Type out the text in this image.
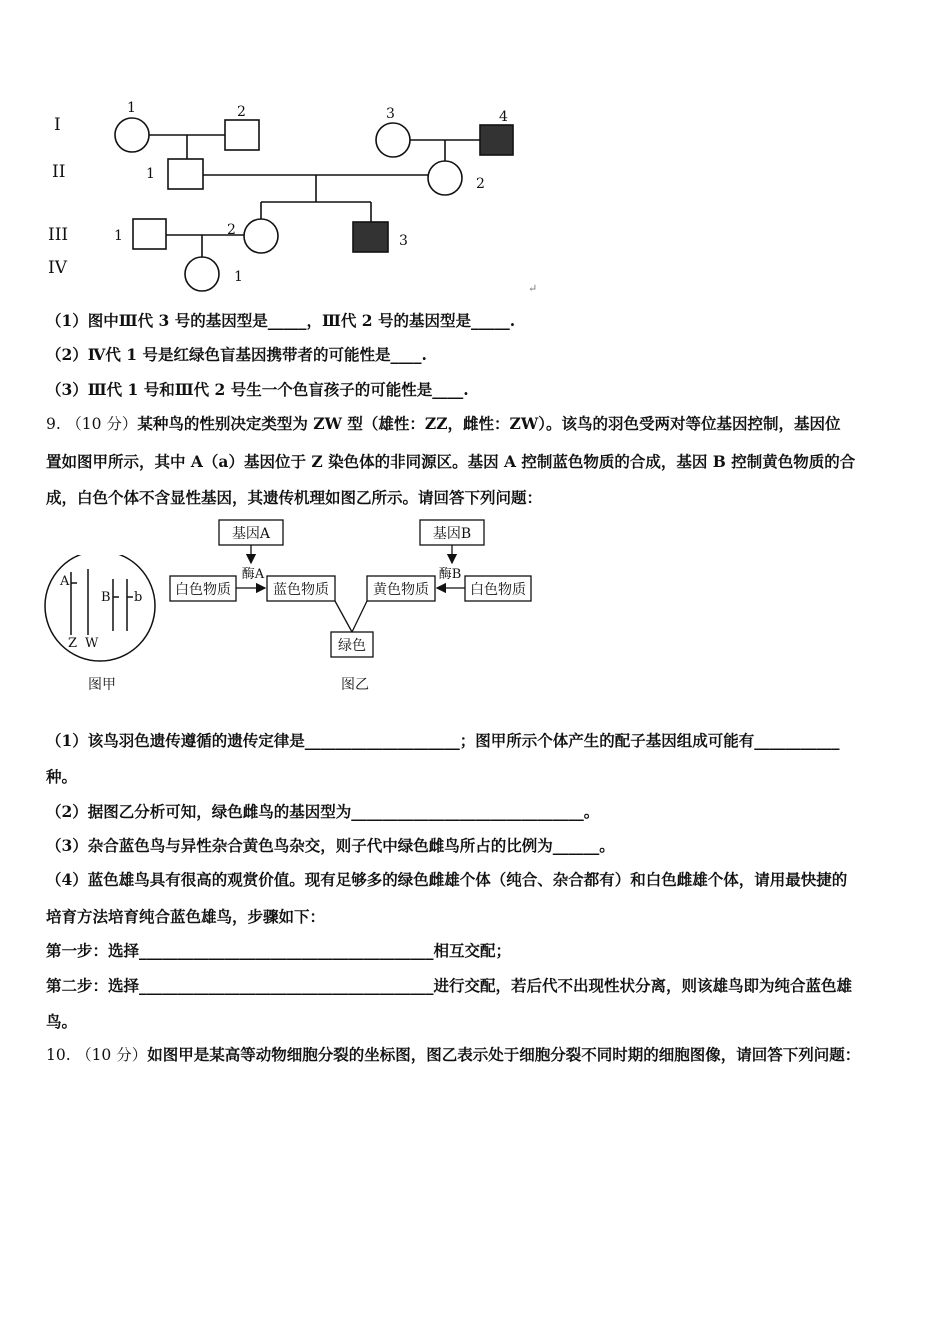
I
II
III
IV
1	2	3	4
1
2
1	2
3
1
↵
（1）图中Ⅲ代 3 号的基因型是_____，Ⅲ代 2 号的基因型是_____.
（2）Ⅳ代 1 号是红绿色盲基因携带者的可能性是____.
（3）Ⅲ代 1 号和Ⅲ代 2 号生一个色盲孩子的可能性是____.
9. （10 分）某种鸟的性别决定类型为 ZW 型（雄性：ZZ，雌性：ZW）。该鸟的羽色受两对等位基因控制，基因位
置如图甲所示，其中 A（a）基因位于 Z 染色体的非同源区。基因 A 控制蓝色物质的合成，基因 B 控制黄色物质的合
成，白色个体不含显性基因，其遗传机理如图乙所示。请回答下列问题：
A
B b
Z W
图甲
基因A	基因B
白色物质	蓝色物质	黄色物质	白色物质
绿色
酶A	酶B
图乙
（1）该鸟羽色遗传遵循的遗传定律是____________________；图甲所示个体产生的配子基因组成可能有___________
种。
（2）据图乙分析可知，绿色雌鸟的基因型为______________________________。
（3）杂合蓝色鸟与异性杂合黄色鸟杂交，则子代中绿色雌鸟所占的比例为______。
（4）蓝色雄鸟具有很高的观赏价值。现有足够多的绿色雌雄个体（纯合、杂合都有）和白色雌雄个体，请用最快捷的
培育方法培育纯合蓝色雄鸟，步骤如下：
第一步：选择______________________________________相互交配；
第二步：选择______________________________________进行交配，若后代不出现性状分离，则该雄鸟即为纯合蓝色雄
鸟。
10. （10 分）如图甲是某高等动物细胞分裂的坐标图，图乙表示处于细胞分裂不同时期的细胞图像，请回答下列问题：
